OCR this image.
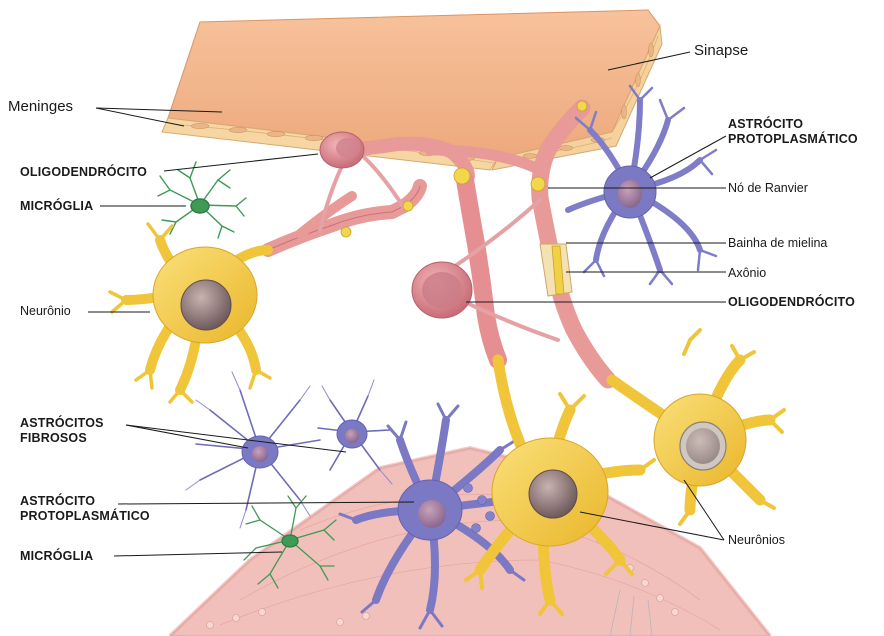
Meninges
Sinapse
OLIGODENDRÓCITO
MICRÓGLIA
Neurônio
ASTRÓCITO
PROTOPLASMÁTICO
Nó de Ranvier
Bainha de mielina
Axônio
OLIGODENDRÓCITO
ASTRÓCITOS
FIBROSOS
ASTRÓCITO
PROTOPLASMÁTICO
MICRÓGLIA
Neurônios
